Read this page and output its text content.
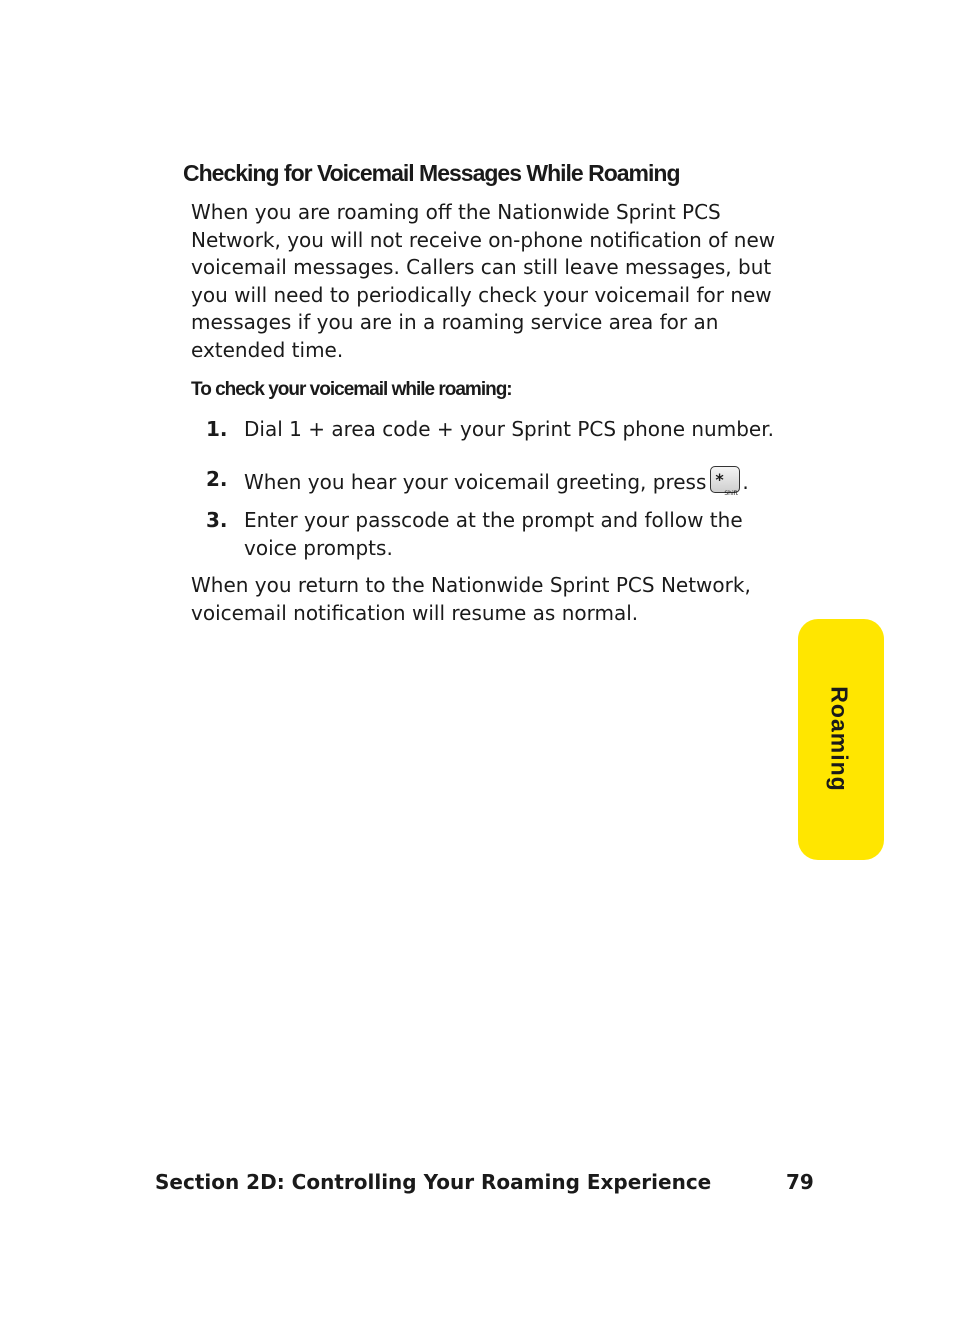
Checking for Voicemail Messages While Roaming
When you are roaming off the Nationwide Sprint PCS Network, you will not receive on-phone notification of new voicemail messages. Callers can still leave messages, but you will need to periodically check your voicemail for new messages if you are in a roaming service area for an extended time.
To check your voicemail while roaming:
1. Dial 1 + area code + your Sprint PCS phone number.
2. When you hear your voicemail greeting, press *
Shift .
3. Enter your passcode at the prompt and follow the voice prompts.
When you return to the Nationwide Sprint PCS Network, voicemail notification will resume as normal.
Roaming
Section 2D: Controlling Your Roaming Experience	79
